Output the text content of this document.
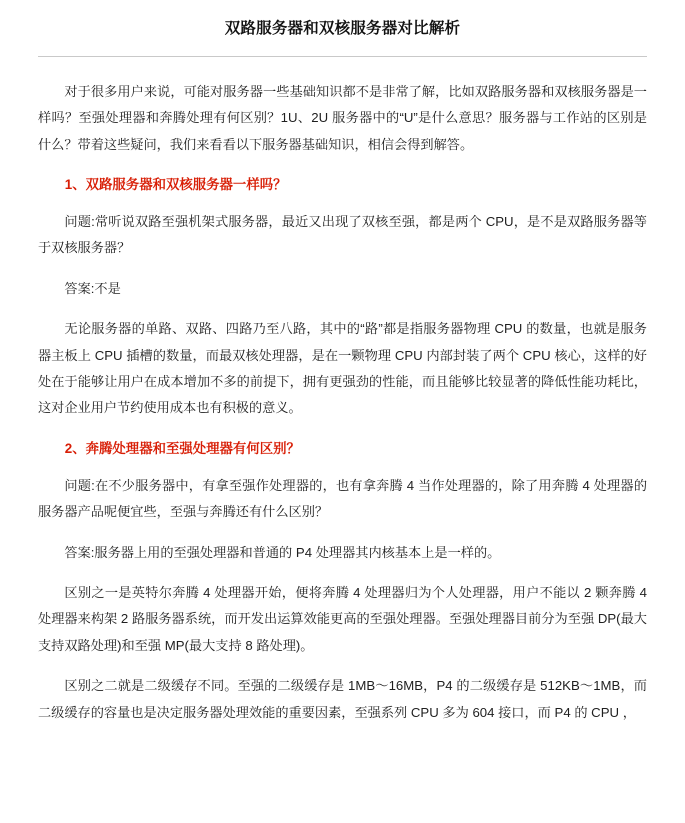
双路服务器和双核服务器对比解析

对于很多用户来说，可能对服务器一些基础知识都不是非常了解，比如双路服务器和双核服务器是一样吗？至强处理器和奔腾处理有何区别？1U、2U 服务器中的“U”是什么意思？服务器与工作站的区别是什么？带着这些疑问，我们来看看以下服务器基础知识，相信会得到解答。

1、双路服务器和双核服务器一样吗？

问题:常听说双路至强机架式服务器，最近又出现了双核至强，都是两个 CPU，是不是双路服务器等于双核服务器？

答案:不是

无论服务器的单路、双路、四路乃至八路，其中的“路”都是指服务器物理 CPU 的数量，也就是服务器主板上 CPU 插槽的数量，而最双核处理器，是在一颗物理 CPU 内部封装了两个 CPU 核心，这样的好处在于能够让用户在成本增加不多的前提下，拥有更强劲的性能，而且能够比较显著的降低性能功耗比，这对企业用户节约使用成本也有积极的意义。

2、奔腾处理器和至强处理器有何区别？

问题:在不少服务器中，有拿至强作处理器的，也有拿奔腾 4 当作处理器的，除了用奔腾 4 处理器的服务器产品呢便宜些，至强与奔腾还有什么区别？

答案:服务器上用的至强处理器和普通的 P4 处理器其内核基本上是一样的。

区别之一是英特尔奔腾 4 处理器开始，便将奔腾 4 处理器归为个人处理器，用户不能以 2 颗奔腾 4 处理器来构架 2 路服务器系统，而开发出运算效能更高的至强处理器。至强处理器目前分为至强 DP(最大支持双路处理)和至强 MP(最大支持 8 路处理)。

区别之二就是二级缓存不同。至强的二级缓存是 1MB～16MB，P4 的二级缓存是 512KB～1MB，而二级缓存的容量也是决定服务器处理效能的重要因素，至强系列 CPU 多为 604 接口，而 P4 的 CPU ，
